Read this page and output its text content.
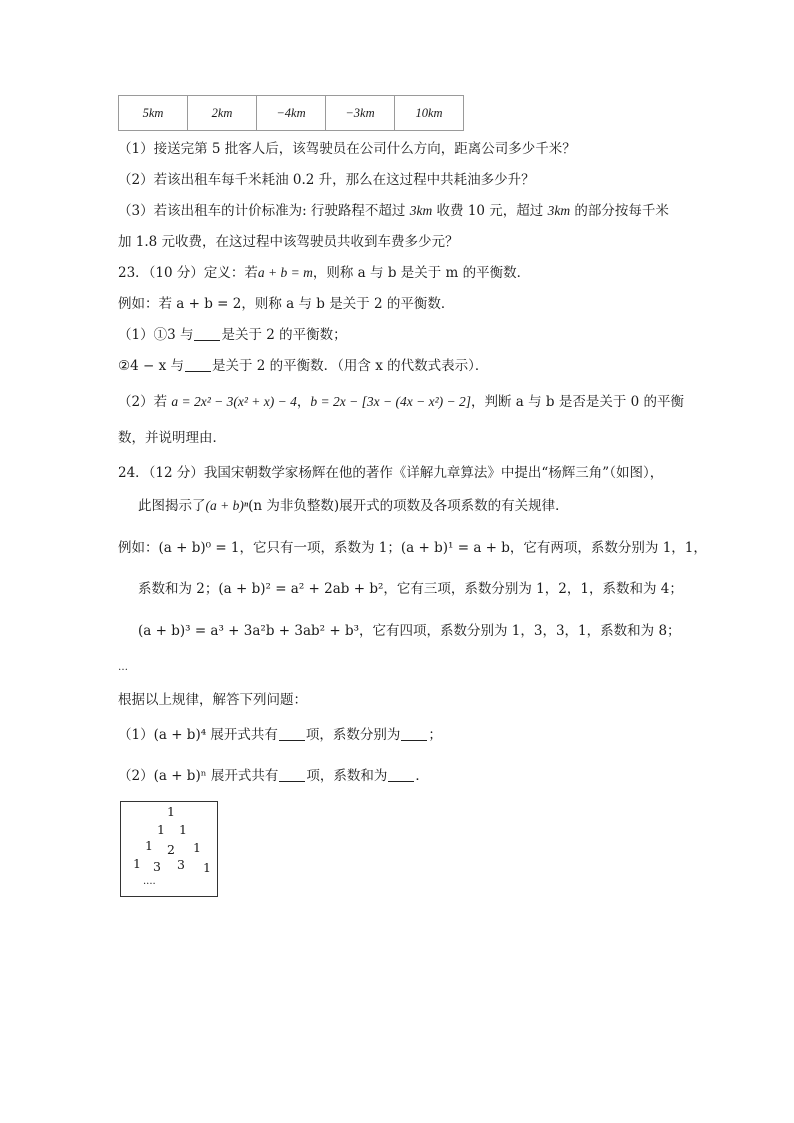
5km	2km	−4km	−3km	10km
（1）接送完第 5 批客人后，该驾驶员在公司什么方向，距离公司多少千米？
（2）若该出租车每千米耗油 0.2 升，那么在这过程中共耗油多少升？
（3）若该出租车的计价标准为: 行驶路程不超过 3km 收费 10 元，超过 3km 的部分按每千米
加 1.8 元收费，在这过程中该驾驶员共收到车费多少元？
23．（10 分）定义：若a + b = m，则称 a 与 b 是关于 m 的平衡数．
例如：若 a + b = 2，则称 a 与 b 是关于 2 的平衡数．
（1）①3 与 是关于 2 的平衡数；
②4 − x 与 是关于 2 的平衡数．（用含 x 的代数式表示）．
（2）若 a = 2x² − 3(x² + x) − 4，b = 2x − [3x − (4x − x²) − 2]，判断 a 与 b 是否是关于 0 的平衡
数，并说明理由．
24．（12 分）我国宋朝数学家杨辉在他的著作《详解九章算法》中提出“杨辉三角”（如图），
此图揭示了(a + b)ⁿ(n 为非负整数)展开式的项数及各项系数的有关规律．
例如：(a + b)⁰ = 1，它只有一项，系数为 1；(a + b)¹ = a + b，它有两项，系数分别为 1，1，
系数和为 2；(a + b)² = a² + 2ab + b²，它有三项，系数分别为 1，2，1，系数和为 4；
(a + b)³ = a³ + 3a²b + 3ab² + b³，它有四项，系数分别为 1，3，3，1，系数和为 8；
…
根据以上规律，解答下列问题：
（1）(a + b)⁴ 展开式共有 项，系数分别为 ；
（2）(a + b)ⁿ 展开式共有 项，系数和为 ．
1
1 1
1 2 1
1 3 3 1
....
